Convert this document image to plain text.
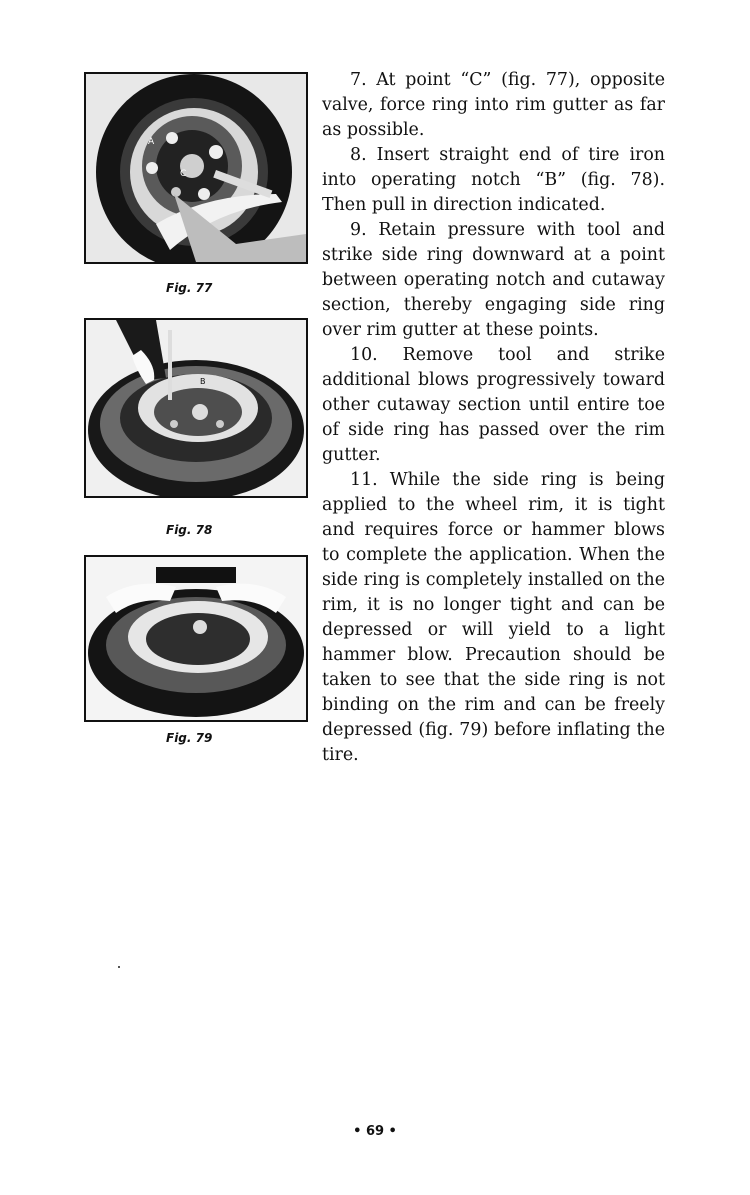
A
C
Fig. 77
B
Fig. 78
Fig. 79

7. At point “C” (fig. 77), opposite valve, force ring into rim gutter as far as possible.

8. Insert straight end of tire iron into operating notch “B” (fig. 78). Then pull in direction indicated.

9. Retain pressure with tool and strike side ring downward at a point between operating notch and cutaway section, thereby engaging side ring over rim gutter at these points.

10. Remove tool and strike additional blows progressively toward other cutaway section until entire toe of side ring has passed over the rim gutter.

11. While the side ring is being applied to the wheel rim, it is tight and requires force or hammer blows to complete the application. When the side ring is completely installed on the rim, it is no longer tight and can be depressed or will yield to a light hammer blow. Precaution should be taken to see that the side ring is not binding on the rim and can be freely depressed (fig. 79) before inflating the tire.

• 69 •
